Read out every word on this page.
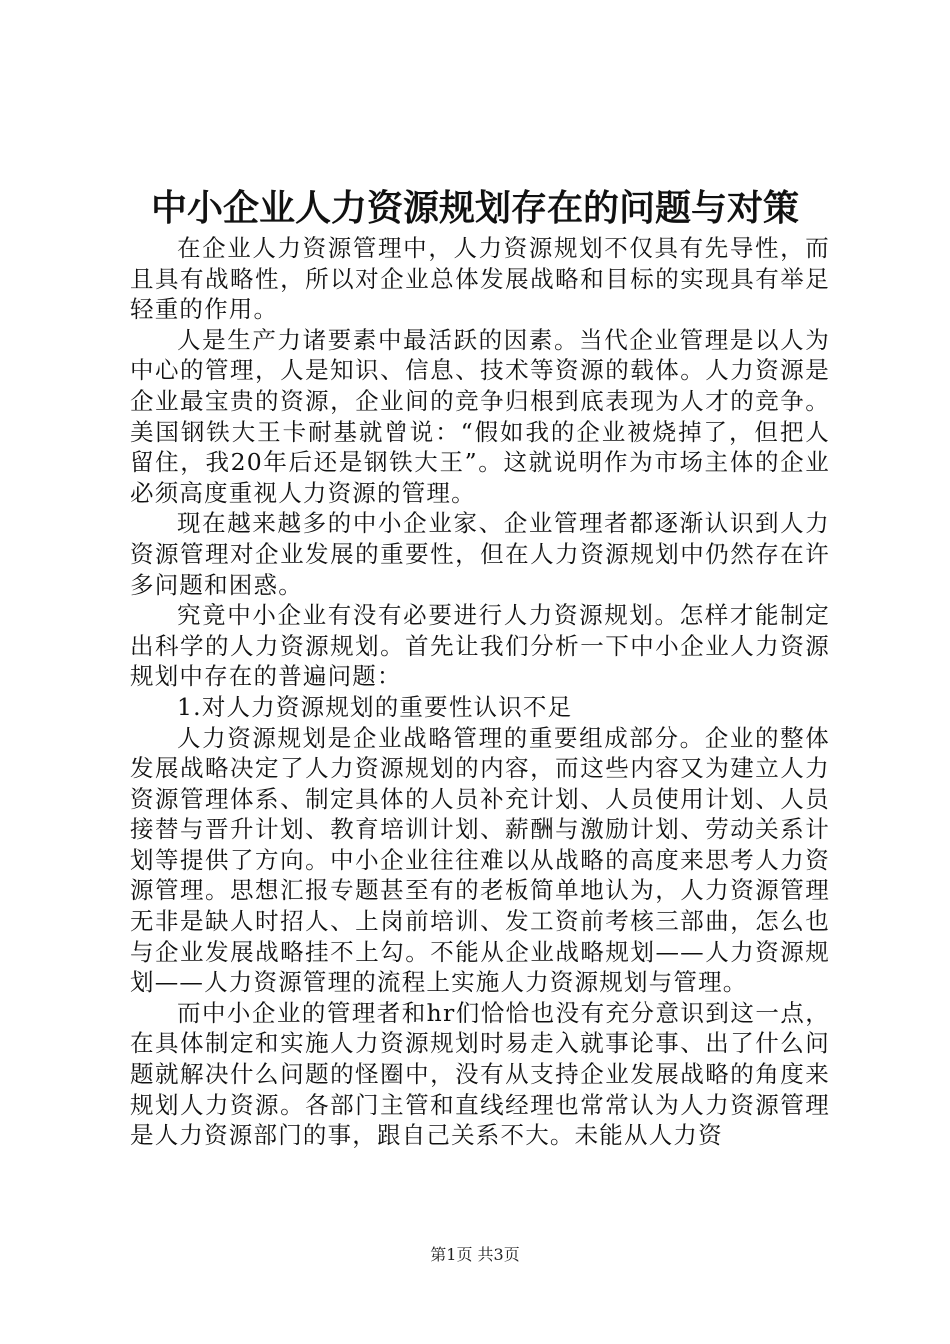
中小企业人力资源规划存在的问题与对策

在企业人力资源管理中，人力资源规划不仅具有先导性，而且具有战略性，所以对企业总体发展战略和目标的实现具有举足轻重的作用。

人是生产力诸要素中最活跃的因素。当代企业管理是以人为中心的管理，人是知识、信息、技术等资源的载体。人力资源是企业最宝贵的资源，企业间的竞争归根到底表现为人才的竞争。美国钢铁大王卡耐基就曾说：“假如我的企业被烧掉了，但把人留住，我20年后还是钢铁大王”。这就说明作为市场主体的企业必须高度重视人力资源的管理。

现在越来越多的中小企业家、企业管理者都逐渐认识到人力资源管理对企业发展的重要性，但在人力资源规划中仍然存在许多问题和困惑。

究竟中小企业有没有必要进行人力资源规划。怎样才能制定出科学的人力资源规划。首先让我们分析一下中小企业人力资源规划中存在的普遍问题：

1.对人力资源规划的重要性认识不足

人力资源规划是企业战略管理的重要组成部分。企业的整体发展战略决定了人力资源规划的内容，而这些内容又为建立人力资源管理体系、制定具体的人员补充计划、人员使用计划、人员接替与晋升计划、教育培训计划、薪酬与激励计划、劳动关系计划等提供了方向。中小企业往往难以从战略的高度来思考人力资源管理。思想汇报专题甚至有的老板简单地认为，人力资源管理无非是缺人时招人、上岗前培训、发工资前考核三部曲，怎么也与企业发展战略挂不上勾。不能从企业战略规划——人力资源规划——人力资源管理的流程上实施人力资源规划与管理。

而中小企业的管理者和hr们恰恰也没有充分意识到这一点，在具体制定和实施人力资源规划时易走入就事论事、出了什么问题就解决什么问题的怪圈中，没有从支持企业发展战略的角度来规划人力资源。各部门主管和直线经理也常常认为人力资源管理是人力资源部门的事，跟自己关系不大。未能从人力资

第1页 共3页
